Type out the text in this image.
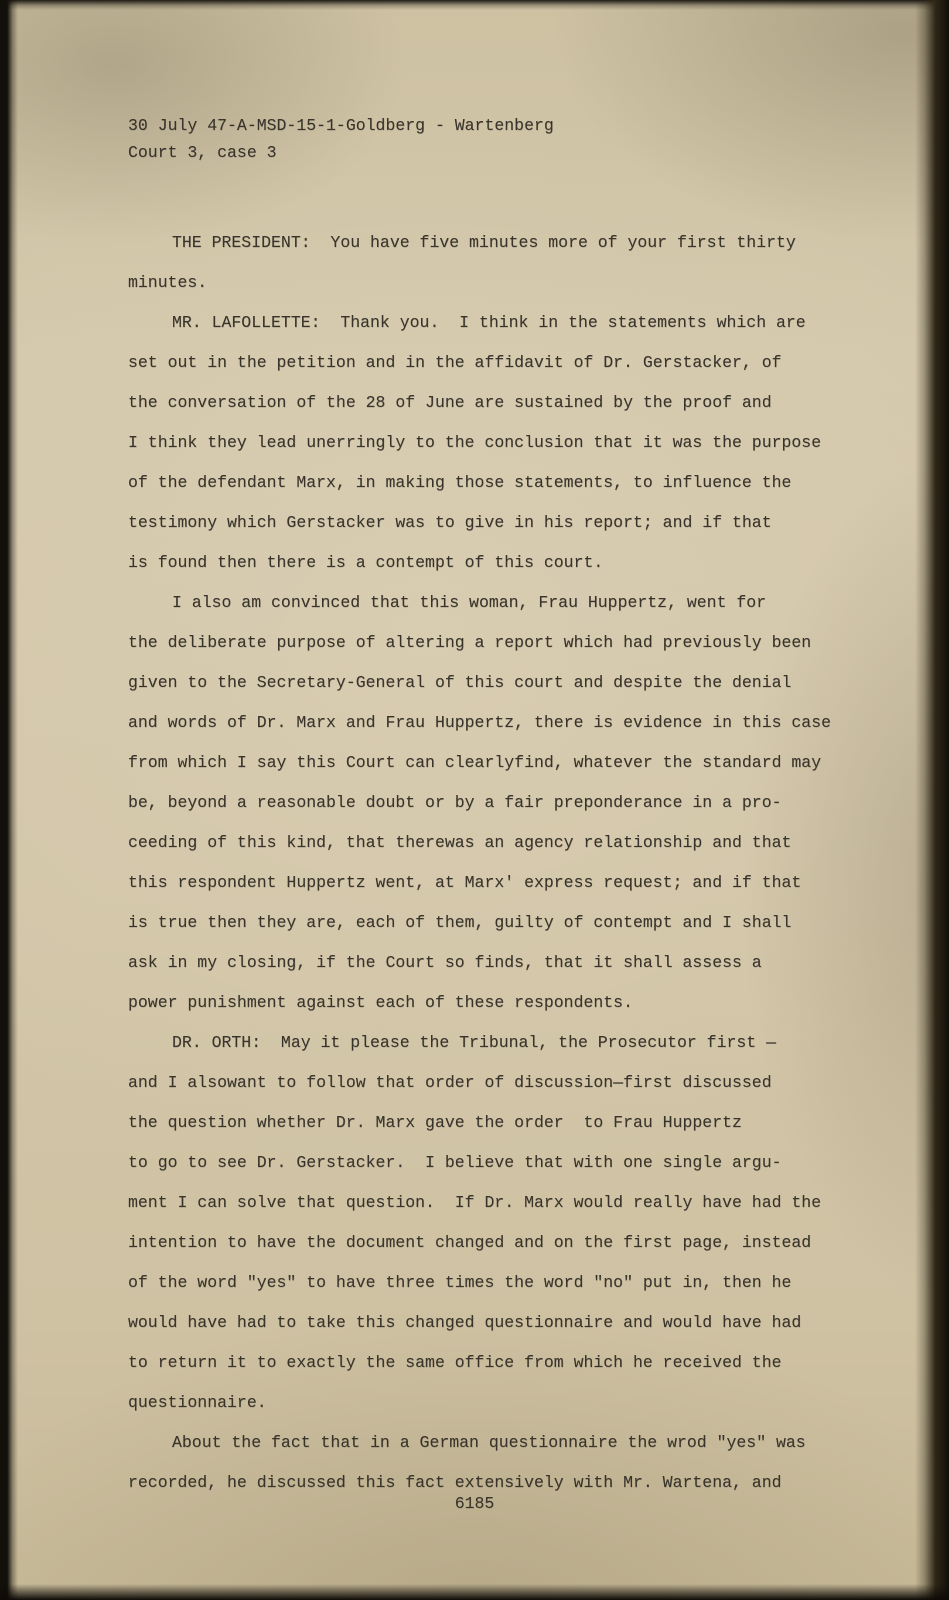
30 July 47-A-MSD-15-1-Goldberg - Wartenberg
Court 3, case 3
THE PRESIDENT:  You have five minutes more of your first thirty
minutes.
MR. LAFOLLETTE:  Thank you.  I think in the statements which are
set out in the petition and in the affidavit of Dr. Gerstacker, of
the conversation of the 28 of June are sustained by the proof and
I think they lead unerringly to the conclusion that it was the purpose
of the defendant Marx, in making those statements, to influence the
testimony which Gerstacker was to give in his report; and if that
is found then there is a contempt of this court.
I also am convinced that this woman, Frau Huppertz, went for
the deliberate purpose of altering a report which had previously been
given to the Secretary-General of this court and despite the denial
and words of Dr. Marx and Frau Huppertz, there is evidence in this case
from which I say this Court can clearlyfind, whatever the standard may
be, beyond a reasonable doubt or by a fair preponderance in a pro-
ceeding of this kind, that therewas an agency relationship and that
this respondent Huppertz went, at Marx' express request; and if that
is true then they are, each of them, guilty of contempt and I shall
ask in my closing, if the Court so finds, that it shall assess a
power punishment against each of these respondents.
DR. ORTH:  May it please the Tribunal, the Prosecutor first —
and I alsowant to follow that order of discussion—first discussed
the question whether Dr. Marx gave the order  to Frau Huppertz
to go to see Dr. Gerstacker.  I believe that with one single argu-
ment I can solve that question.  If Dr. Marx would really have had the
intention to have the document changed and on the first page, instead
of the word "yes" to have three times the word "no" put in, then he
would have had to take this changed questionnaire and would have had
to return it to exactly the same office from which he received the
questionnaire.
About the fact that in a German questionnaire the wrod "yes" was
recorded, he discussed this fact extensively with Mr. Wartena, and
6185
